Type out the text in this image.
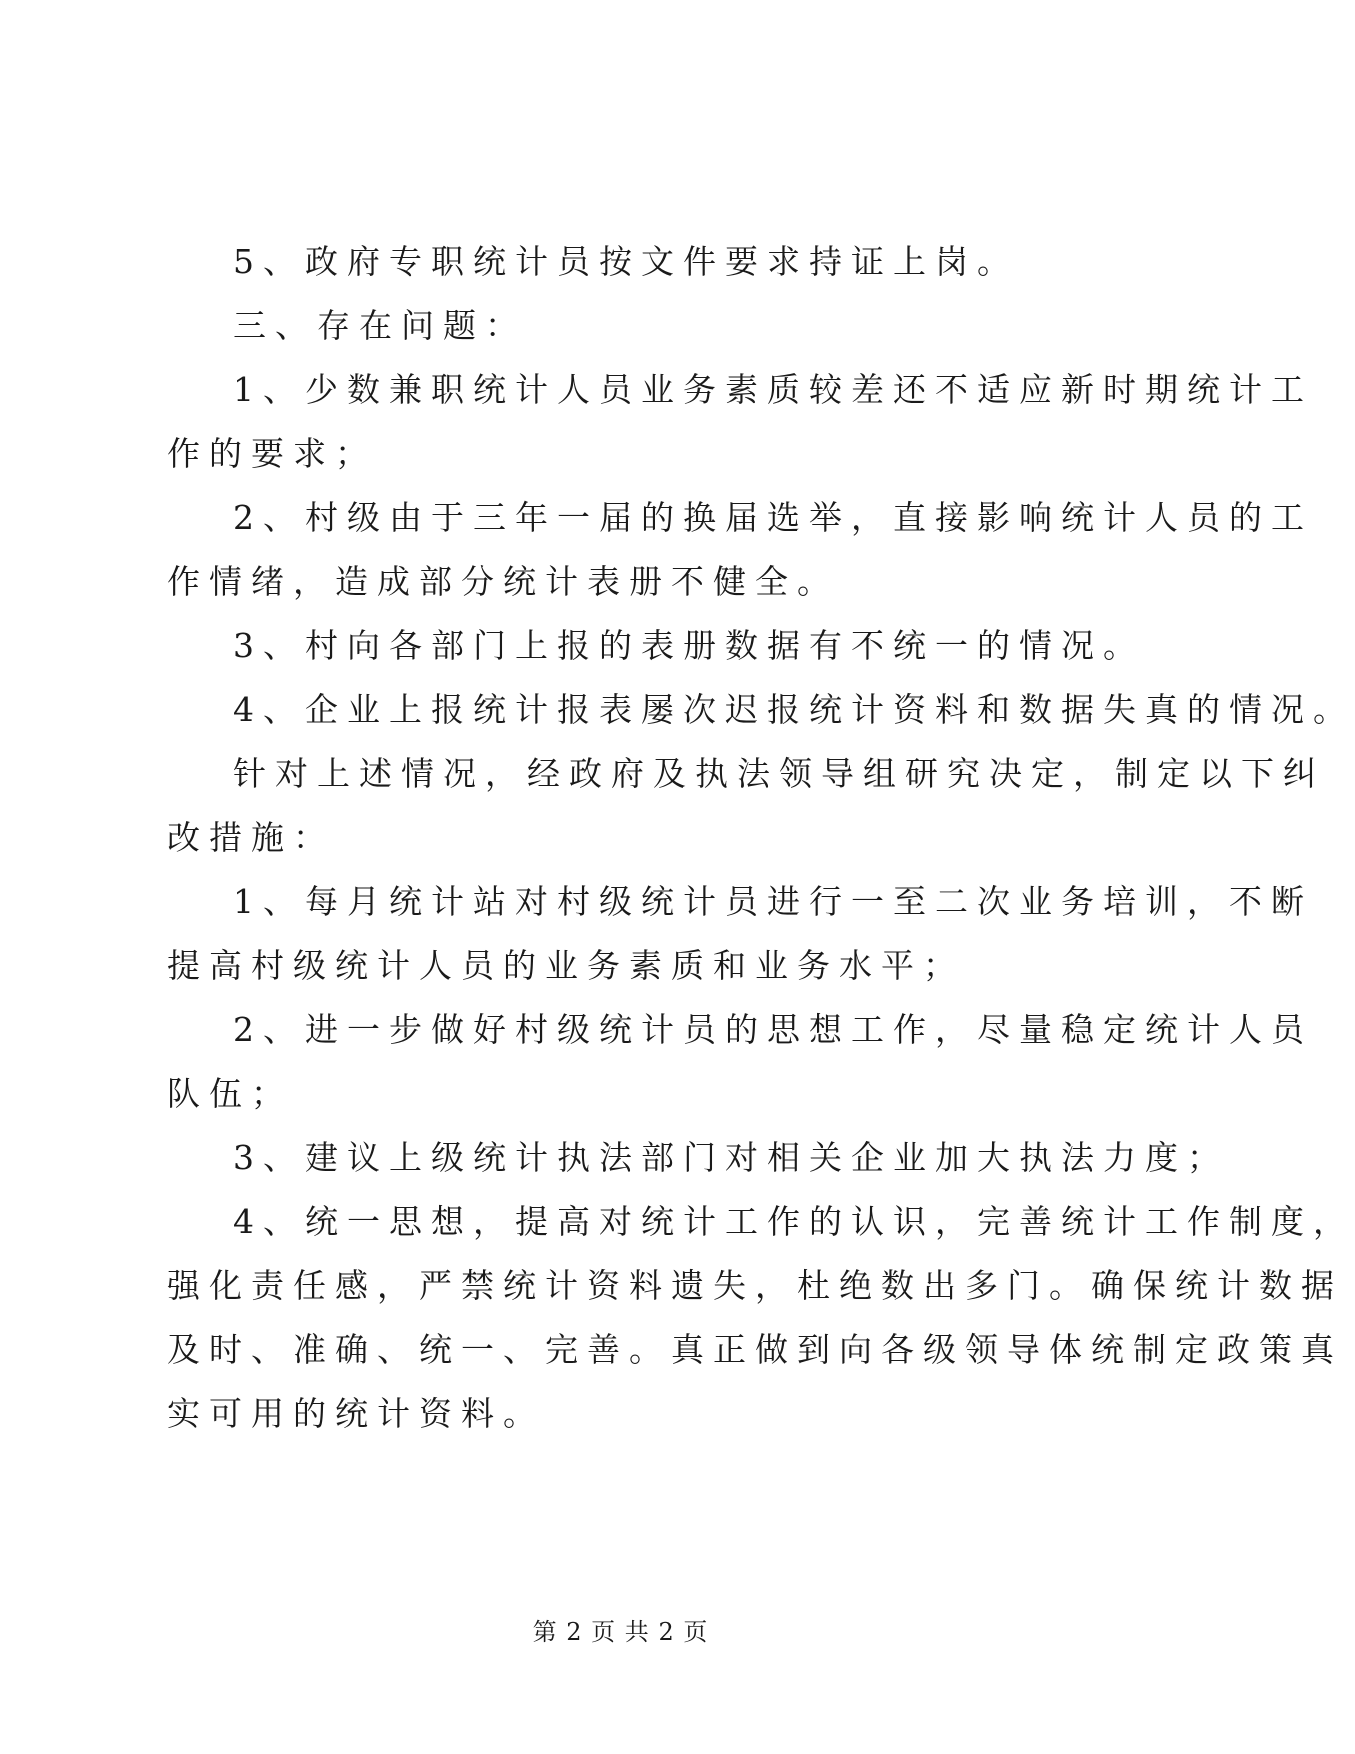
5、政府专职统计员按文件要求持证上岗。

三、存在问题：

1、少数兼职统计人员业务素质较差还不适应新时期统计工

作的要求；

2、村级由于三年一届的换届选举，直接影响统计人员的工

作情绪，造成部分统计表册不健全。

3、村向各部门上报的表册数据有不统一的情况。

4、企业上报统计报表屡次迟报统计资料和数据失真的情况。

针对上述情况，经政府及执法领导组研究决定，制定以下纠

改措施：

1、每月统计站对村级统计员进行一至二次业务培训，不断

提高村级统计人员的业务素质和业务水平；

2、进一步做好村级统计员的思想工作，尽量稳定统计人员

队伍；

3、建议上级统计执法部门对相关企业加大执法力度；

4、统一思想，提高对统计工作的认识，完善统计工作制度，

强化责任感，严禁统计资料遗失，杜绝数出多门。确保统计数据

及时、准确、统一、完善。真正做到向各级领导体统制定政策真

实可用的统计资料。

第 2 页 共 2 页
